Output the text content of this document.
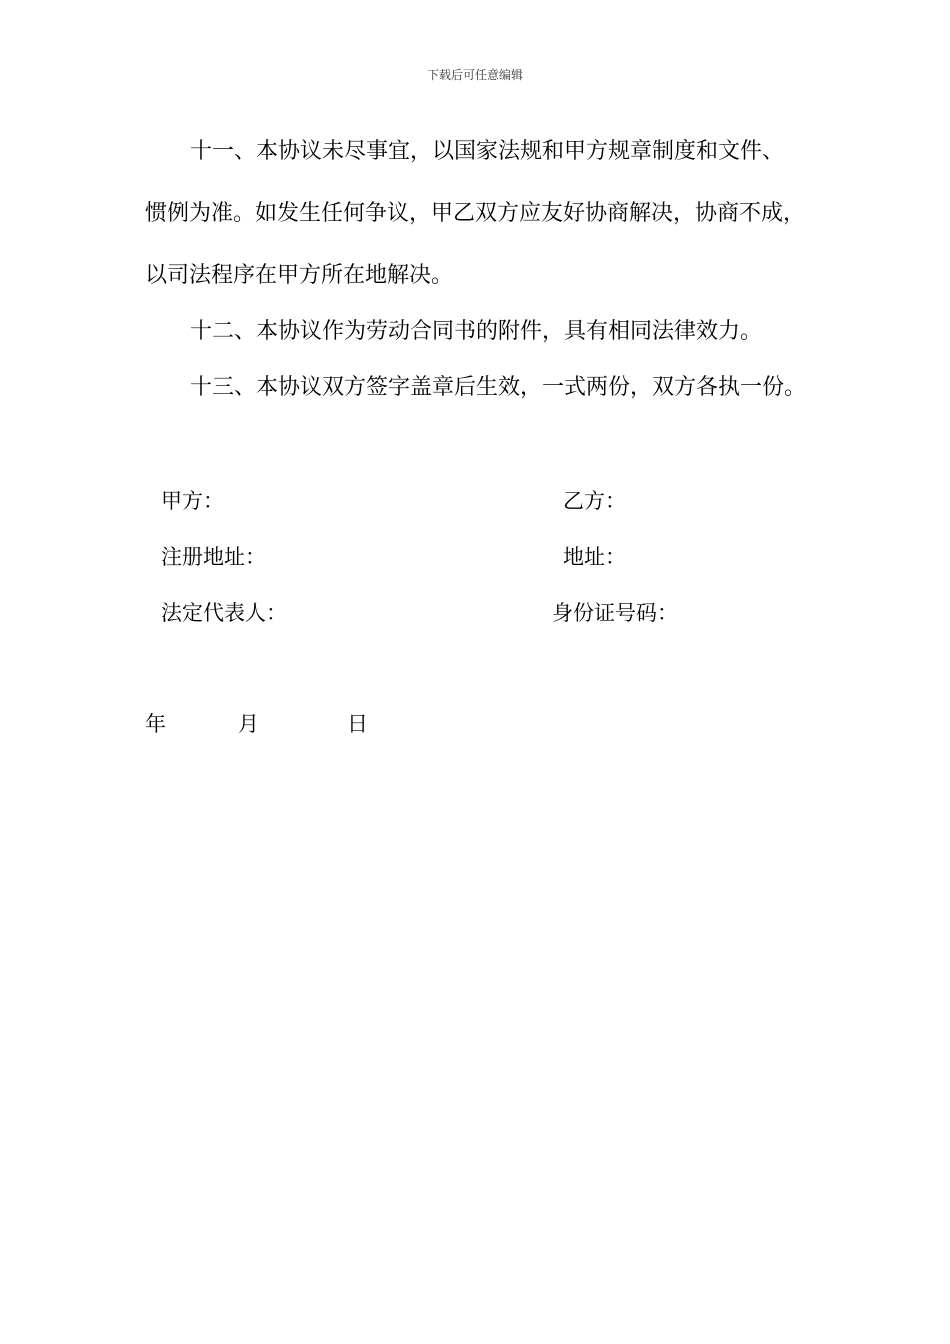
下载后可任意编辑
十一、本协议未尽事宜，以国家法规和甲方规章制度和文件、
惯例为准。如发生任何争议，甲乙双方应友好协商解决，协商不成，
以司法程序在甲方所在地解决。
十二、本协议作为劳动合同书的附件，具有相同法律效力。
十三、本协议双方签字盖章后生效，一式两份，双方各执一份。
甲方：
注册地址：
法定代表人：
乙方：
地址：
身份证号码：
年	月	日
